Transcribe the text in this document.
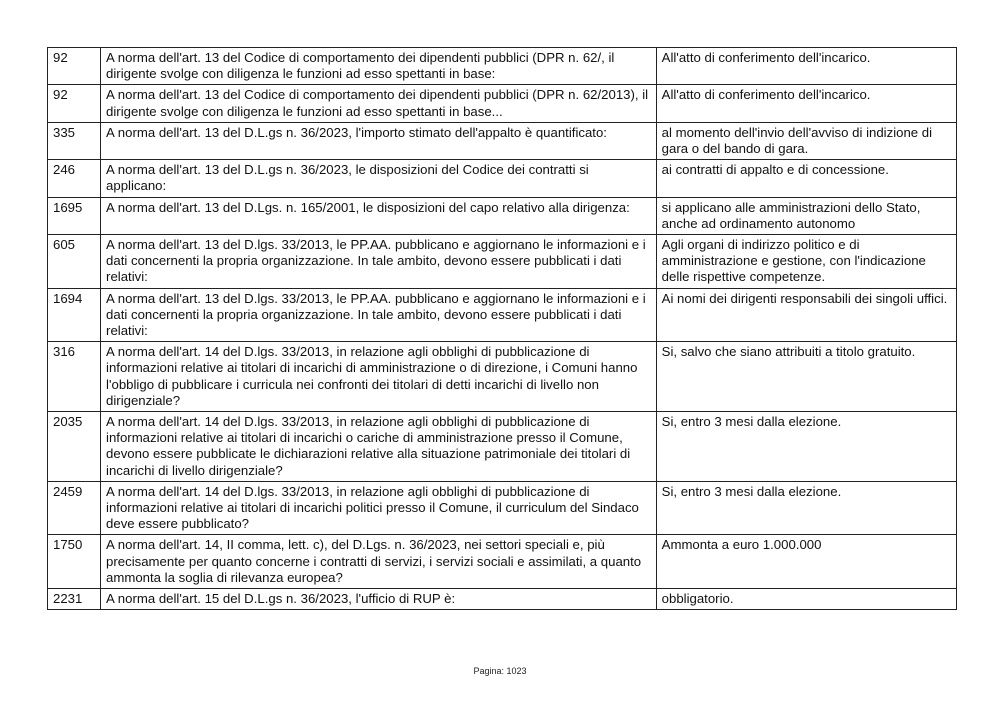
92	A norma dell'art. 13 del Codice di comportamento dei dipendenti pubblici (DPR n. 62/, il dirigente svolge con diligenza le funzioni ad esso spettanti in base:	All'atto di conferimento dell'incarico.
92	A norma dell'art. 13 del Codice di comportamento dei dipendenti pubblici (DPR n. 62/2013), il dirigente svolge con diligenza le funzioni ad esso spettanti in base...	All'atto di conferimento dell'incarico.
335	A norma dell'art. 13 del D.L.gs n. 36/2023, l'importo stimato dell'appalto è quantificato:	al momento dell'invio dell'avviso di indizione di gara o del bando di gara.
246	A norma dell'art. 13 del D.L.gs n. 36/2023, le disposizioni del Codice dei contratti si applicano:	ai contratti di appalto e di concessione.
1695	A norma dell'art. 13 del D.Lgs. n. 165/2001, le disposizioni del capo relativo alla dirigenza:	si applicano alle amministrazioni dello Stato, anche ad ordinamento autonomo
605	A norma dell'art. 13 del D.lgs. 33/2013, le PP.AA. pubblicano e aggiornano le informazioni e i dati concernenti la propria organizzazione. In tale ambito, devono essere pubblicati i dati relativi:	Agli organi di indirizzo politico e di amministrazione e gestione, con l'indicazione delle rispettive competenze.
1694	A norma dell'art. 13 del D.lgs. 33/2013, le PP.AA. pubblicano e aggiornano le informazioni e i dati concernenti la propria organizzazione. In tale ambito, devono essere pubblicati i dati relativi:	Ai nomi dei dirigenti responsabili dei singoli uffici.
316	A norma dell'art. 14 del D.lgs. 33/2013, in relazione agli obblighi di pubblicazione di informazioni relative ai titolari di incarichi di amministrazione o di direzione, i Comuni hanno l'obbligo di pubblicare i curricula nei confronti dei titolari di detti incarichi di livello non dirigenziale?	Si, salvo che siano attribuiti a titolo gratuito.
2035	A norma dell'art. 14 del D.lgs. 33/2013, in relazione agli obblighi di pubblicazione di informazioni relative ai titolari di incarichi o cariche di amministrazione presso il Comune, devono essere pubblicate le dichiarazioni relative alla situazione patrimoniale dei titolari di incarichi di livello dirigenziale?	Si, entro 3 mesi dalla elezione.
2459	A norma dell'art. 14 del D.lgs. 33/2013, in relazione agli obblighi di pubblicazione di informazioni relative ai titolari di incarichi politici presso il Comune, il curriculum del Sindaco deve essere pubblicato?	Si, entro 3 mesi dalla elezione.
1750	A norma dell'art. 14, II comma, lett. c), del D.Lgs. n. 36/2023, nei settori speciali e, più precisamente per quanto concerne i contratti di servizi, i servizi sociali e assimilati, a quanto ammonta la soglia di rilevanza europea?	Ammonta a euro 1.000.000
2231	A norma dell'art. 15 del D.L.gs n. 36/2023, l'ufficio di RUP è:	obbligatorio.
Pagina: 1023
